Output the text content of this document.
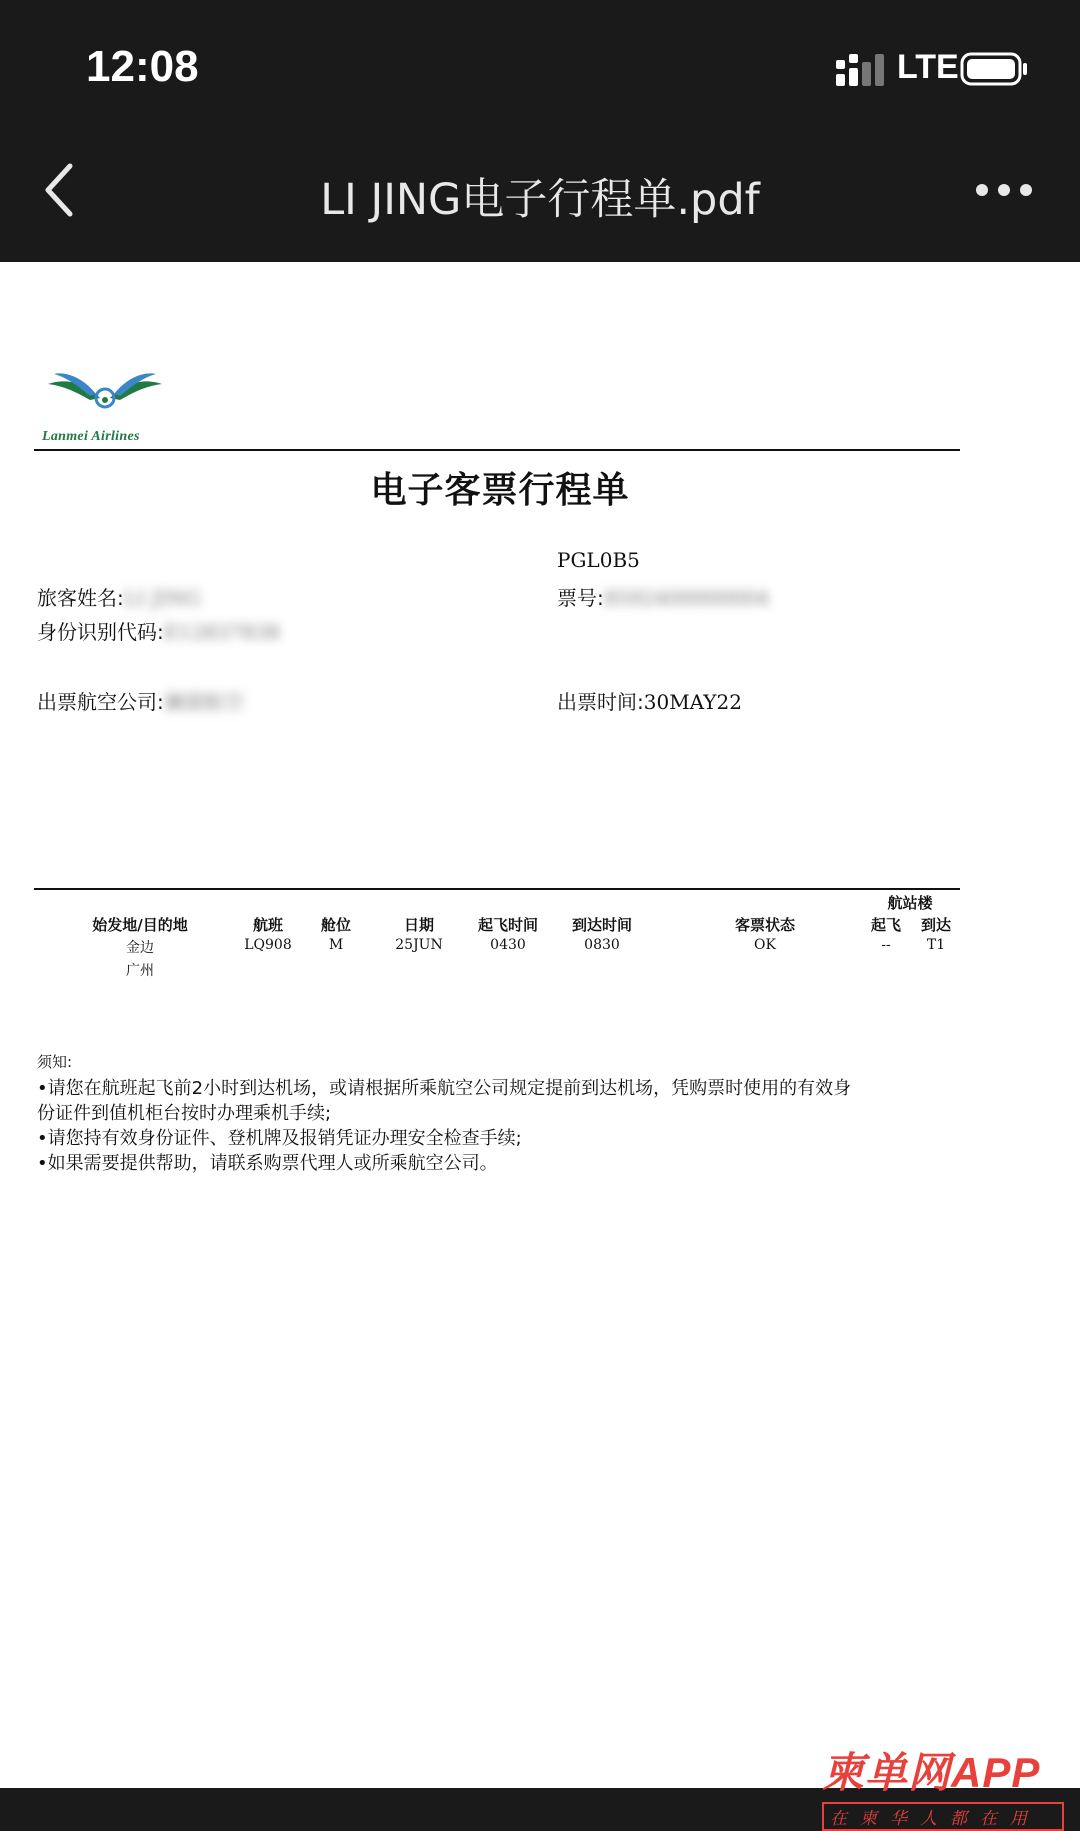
12:08	LTE
LI JING电子行程单.pdf
Lanmei Airlines
电子客票行程单
PGL0B5
旅客姓名:LI JING	票号:8592400000004
身份识别代码:E12837838
出票航空公司:澜湄航空	出票时间:30MAY22
航站楼
始发地/目的地	航班	舱位	日期	起飞时间	到达时间	客票状态	起飞	到达
金边	LQ908	M	25JUN	0430	0830	OK	--	T1
广州
须知:
•请您在航班起飞前2小时到达机场，或请根据所乘航空公司规定提前到达机场，凭购票时使用的有效身
份证件到值机柜台按时办理乘机手续;
•请您持有效身份证件、登机牌及报销凭证办理安全检查手续;
•如果需要提供帮助，请联系购票代理人或所乘航空公司。
柬单网APP
在柬华人都在用
